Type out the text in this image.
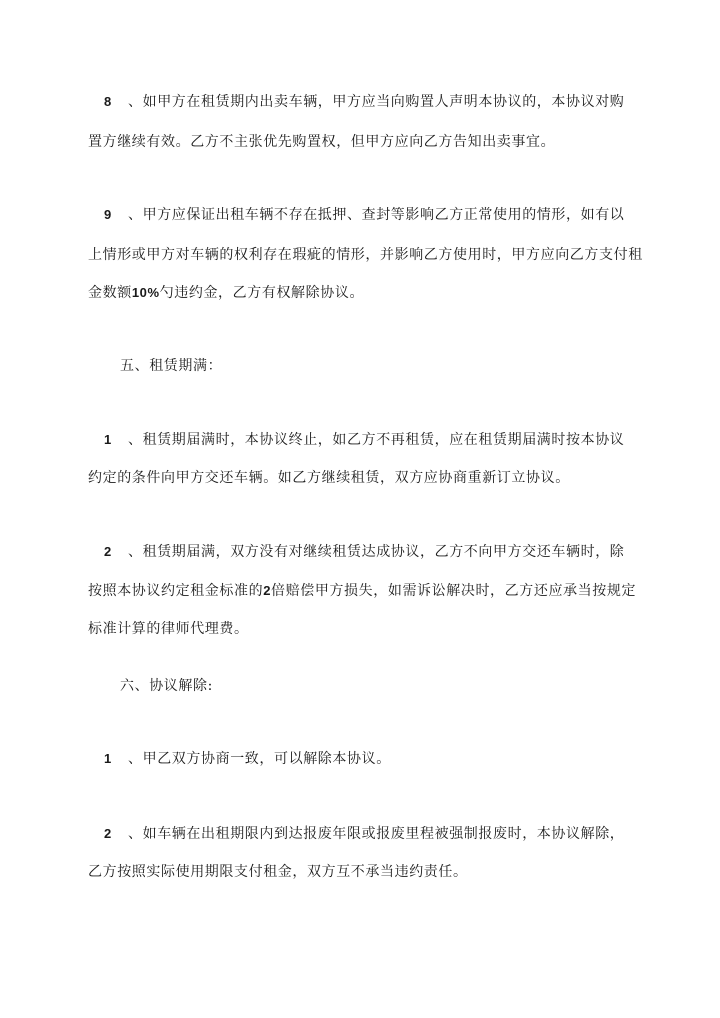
8 、如甲方在租赁期内出卖车辆，甲方应当向购置人声明本协议的，本协议对购
置方继续有效。乙方不主张优先购置权，但甲方应向乙方告知出卖事宜。
9 、甲方应保证出租车辆不存在抵押、查封等影响乙方正常使用的情形，如有以
上情形或甲方对车辆的权利存在瑕疵的情形，并影响乙方使用时，甲方应向乙方支付租
金数额10%勺违约金，乙方有权解除协议。
五、租赁期满：
1 、租赁期届满时，本协议终止，如乙方不再租赁，应在租赁期届满时按本协议
约定的条件向甲方交还车辆。如乙方继续租赁，双方应协商重新订立协议。
2 、租赁期届满，双方没有对继续租赁达成协议，乙方不向甲方交还车辆时，除
按照本协议约定租金标准的2倍赔偿甲方损失，如需诉讼解决时，乙方还应承当按规定
标准计算的律师代理费。
六、协议解除:
1 、甲乙双方协商一致，可以解除本协议。
2 、如车辆在出租期限内到达报废年限或报废里程被强制报废时，本协议解除，
乙方按照实际使用期限支付租金，双方互不承当违约责任。
